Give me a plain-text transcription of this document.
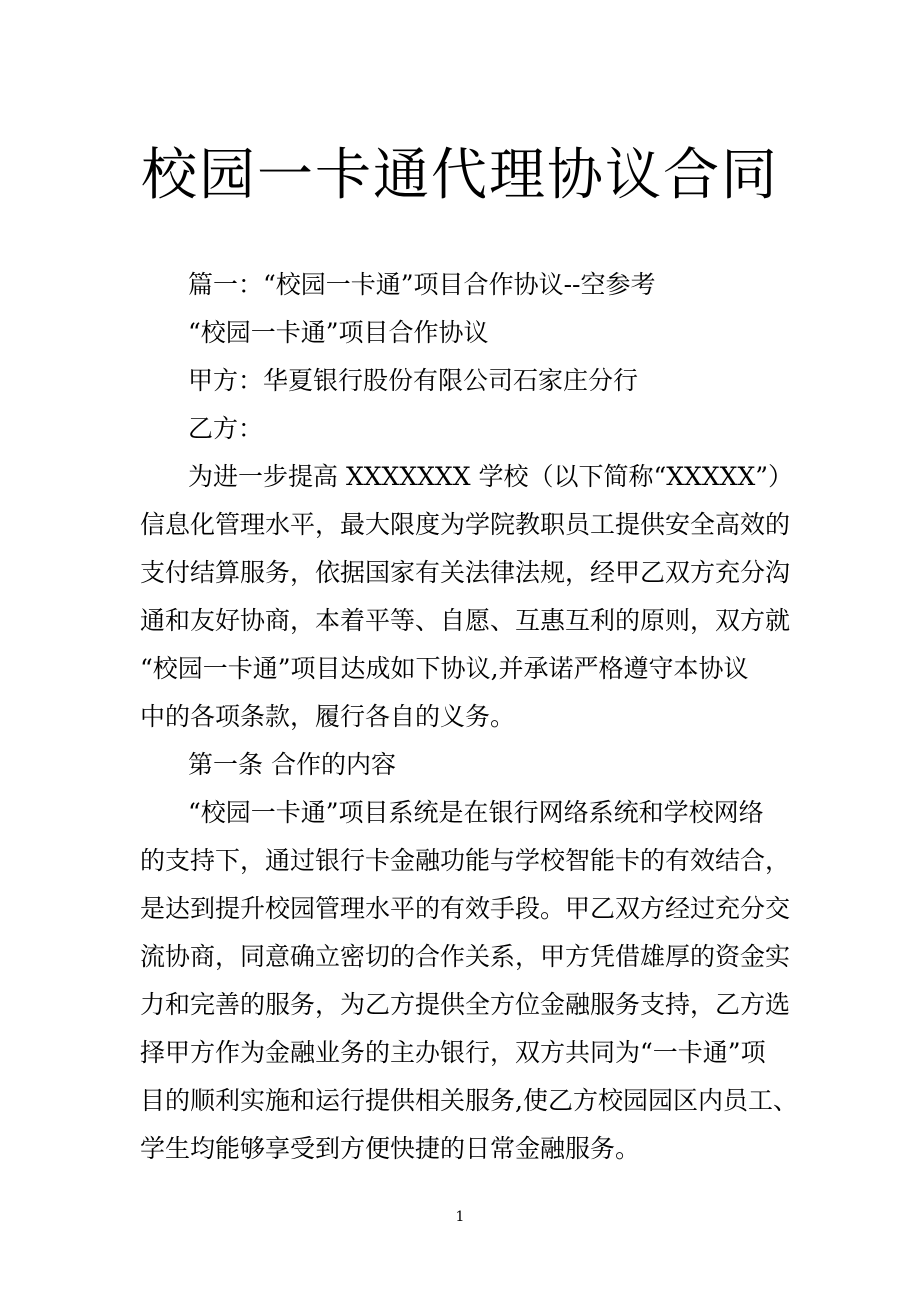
校园一卡通代理协议合同

篇一：“校园一卡通”项目合作协议--空参考

“校园一卡通”项目合作协议

甲方：华夏银行股份有限公司石家庄分行

乙方：

为进一步提高 XXXXXXX 学校（以下简称“XXXXX”）

信息化管理水平，最大限度为学院教职员工提供安全高效的

支付结算服务，依据国家有关法律法规，经甲乙双方充分沟

通和友好协商，本着平等、自愿、互惠互利的原则，双方就

“校园一卡通”项目达成如下协议,并承诺严格遵守本协议

中的各项条款，履行各自的义务。

第一条 合作的内容

“校园一卡通”项目系统是在银行网络系统和学校网络

的支持下，通过银行卡金融功能与学校智能卡的有效结合，

是达到提升校园管理水平的有效手段。甲乙双方经过充分交

流协商，同意确立密切的合作关系，甲方凭借雄厚的资金实

力和完善的服务，为乙方提供全方位金融服务支持，乙方选

择甲方作为金融业务的主办银行，双方共同为“一卡通”项

目的顺利实施和运行提供相关服务,使乙方校园园区内员工、

学生均能够享受到方便快捷的日常金融服务。

1
